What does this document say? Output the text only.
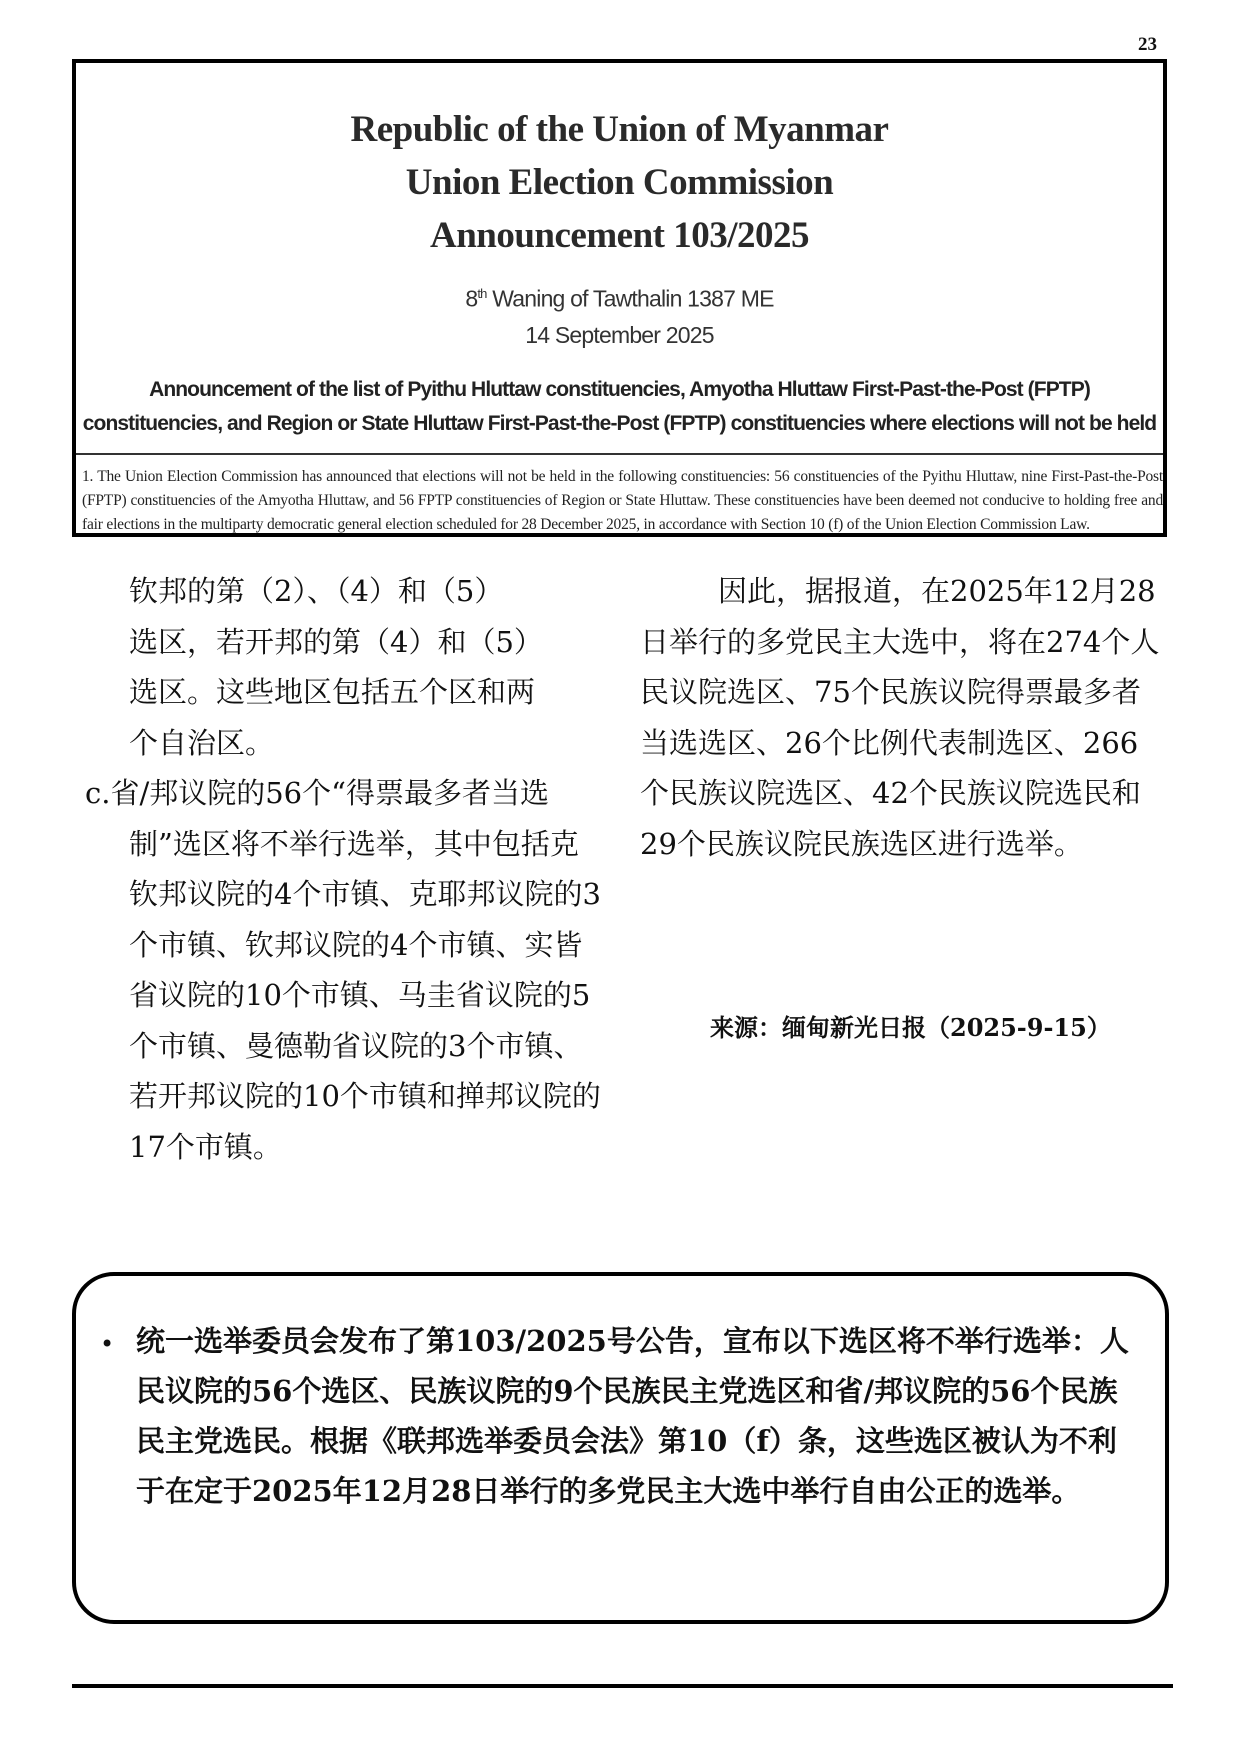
23
Republic of the Union of Myanmar
Union Election Commission
Announcement 103/2025
8th Waning of Tawthalin 1387 ME
14 September 2025
Announcement of the list of Pyithu Hluttaw constituencies, Amyotha Hluttaw First-Past-the-Post (FPTP)
constituencies, and Region or State Hluttaw First-Past-the-Post (FPTP) constituencies where elections will not be held
1. The Union Election Commission has announced that elections will not be held in the following constituencies: 56 constituencies of the Pyithu Hluttaw, nine First-Past-the-Post (FPTP) constituencies of the Amyotha Hluttaw, and 56 FPTP constituencies of Region or State Hluttaw. These constituencies have been deemed not conducive to holding free and fair elections in the multiparty democratic general election scheduled for 28 December 2025, in accordance with Section 10 (f) of the Union Election Commission Law.
钦邦的第（2）、（4）和（5）
选区，若开邦的第（4）和（5）
选区。这些地区包括五个区和两
个自治区。
c.省/邦议院的56个“得票最多者当选制”选区将不举行选举，其中包括克钦邦议院的4个市镇、克耶邦议院的3个市镇、钦邦议院的4个市镇、实皆省议院的10个市镇、马圭省议院的5个市镇、曼德勒省议院的3个市镇、若开邦议院的10个市镇和掸邦议院的17个市镇。
因此，据报道，在2025年12月28日举行的多党民主大选中，将在274个人民议院选区、75个民族议院得票最多者当选选区、26个比例代表制选区、266个民族议院选区、42个民族议院选民和29个民族议院民族选区进行选举。
来源：缅甸新光日报（2025-9-15）
• 统一选举委员会发布了第103/2025号公告，宣布以下选区将不举行选举：人民议院的56个选区、民族议院的9个民族民主党选区和省/邦议院的56个民族民主党选民。根据《联邦选举委员会法》第10（f）条，这些选区被认为不利于在定于2025年12月28日举行的多党民主大选中举行自由公正的选举。
